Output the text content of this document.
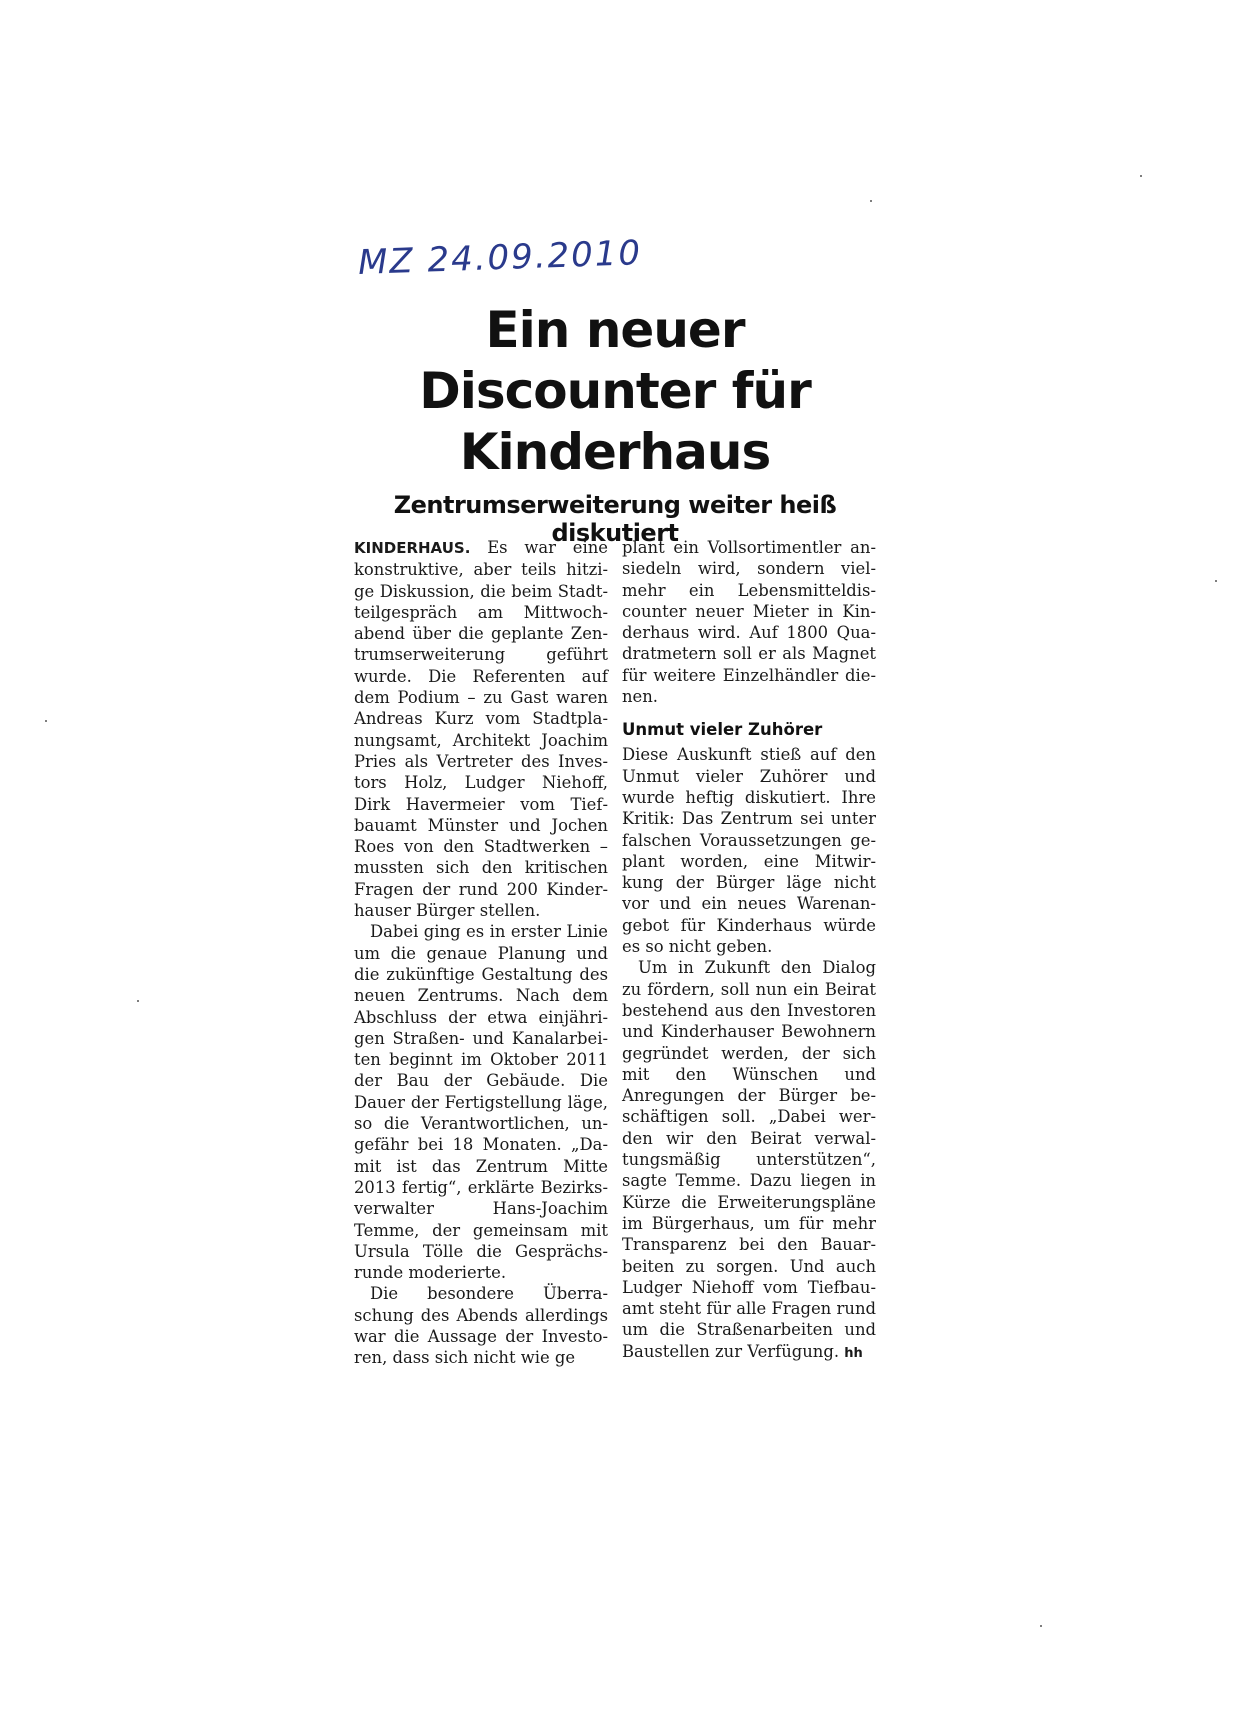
MZ 24.09.2010
Ein neuer Discounter für Kinderhaus
Zentrumserweiterung weiter heiß diskutiert

KINDERHAUS. Es war eine konstruktive, aber teils hitzige Diskussion, die beim Stadtteilgespräch am Mittwochabend über die geplante Zentrumserweiterung geführt wurde. Die Referenten auf dem Podium – zu Gast waren Andreas Kurz vom Stadtplanungsamt, Architekt Joachim Pries als Vertreter des Investors Holz, Ludger Niehoff, Dirk Havermeier vom Tiefbauamt Münster und Jochen Roes von den Stadtwerken – mussten sich den kritischen Fragen der rund 200 Kinderhauser Bürger stellen.

Dabei ging es in erster Linie um die genaue Planung und die zukünftige Gestaltung des neuen Zentrums. Nach dem Abschluss der etwa einjährigen Straßen- und Kanalarbeiten beginnt im Oktober 2011 der Bau der Gebäude. Die Dauer der Fertigstellung läge, so die Verantwortlichen, ungefähr bei 18 Monaten. „Damit ist das Zentrum Mitte 2013 fertig“, erklärte Bezirksverwalter Hans-Joachim Temme, der gemeinsam mit Ursula Tölle die Gesprächsrunde moderierte.

Die besondere Überraschung des Abends allerdings war die Aussage der Investoren, dass sich nicht wie ge

plant ein Vollsortimentler ansiedeln wird, sondern vielmehr ein Lebensmitteldiscounter neuer Mieter in Kinderhaus wird. Auf 1800 Quadratmetern soll er als Magnet für weitere Einzelhändler dienen.

Unmut vieler Zuhörer

Diese Auskunft stieß auf den Unmut vieler Zuhörer und wurde heftig diskutiert. Ihre Kritik: Das Zentrum sei unter falschen Voraussetzungen geplant worden, eine Mitwirkung der Bürger läge nicht vor und ein neues Warenangebot für Kinderhaus würde es so nicht geben.

Um in Zukunft den Dialog zu fördern, soll nun ein Beirat bestehend aus den Investoren und Kinderhauser Bewohnern gegründet werden, der sich mit den Wünschen und Anregungen der Bürger beschäftigen soll. „Dabei werden wir den Beirat verwaltungsmäßig unterstützen“, sagte Temme. Dazu liegen in Kürze die Erweiterungspläne im Bürgerhaus, um für mehr Transparenz bei den Bauarbeiten zu sorgen. Und auch Ludger Niehoff vom Tiefbauamt steht für alle Fragen rund um die Straßenarbeiten und Baustellen zur Verfügung. hh
